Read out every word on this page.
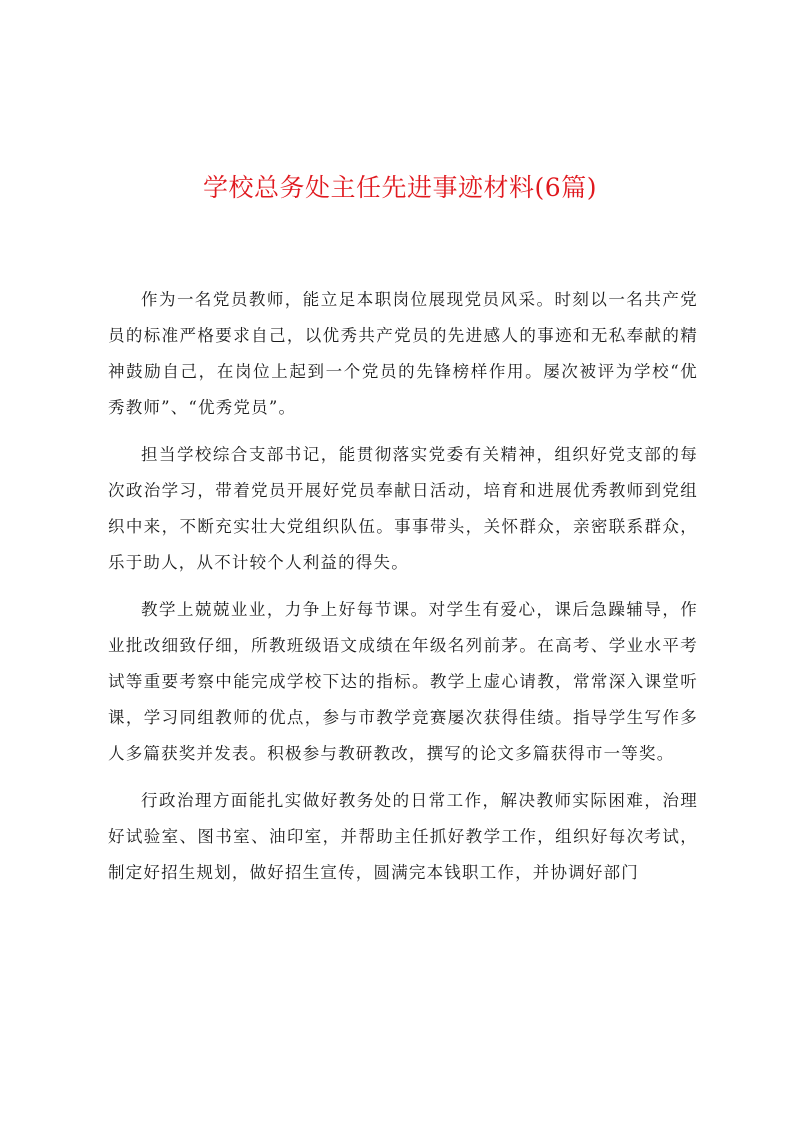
学校总务处主任先进事迹材料(6篇)

作为一名党员教师，能立足本职岗位展现党员风采。时刻以一名共产党员的标准严格要求自己，以优秀共产党员的先进感人的事迹和无私奉献的精神鼓励自己，在岗位上起到一个党员的先锋榜样作用。屡次被评为学校“优秀教师”、“优秀党员”。

担当学校综合支部书记，能贯彻落实党委有关精神，组织好党支部的每次政治学习，带着党员开展好党员奉献日活动，培育和进展优秀教师到党组织中来，不断充实壮大党组织队伍。事事带头，关怀群众，亲密联系群众，乐于助人，从不计较个人利益的得失。

教学上兢兢业业，力争上好每节课。对学生有爱心，课后急躁辅导，作业批改细致仔细，所教班级语文成绩在年级名列前茅。在高考、学业水平考试等重要考察中能完成学校下达的指标。教学上虚心请教，常常深入课堂听课，学习同组教师的优点，参与市教学竞赛屡次获得佳绩。指导学生写作多人多篇获奖并发表。积极参与教研教改，撰写的论文多篇获得市一等奖。

行政治理方面能扎实做好教务处的日常工作，解决教师实际困难，治理好试验室、图书室、油印室，并帮助主任抓好教学工作，组织好每次考试，制定好招生规划，做好招生宣传，圆满完本钱职工作，并协调好部门
